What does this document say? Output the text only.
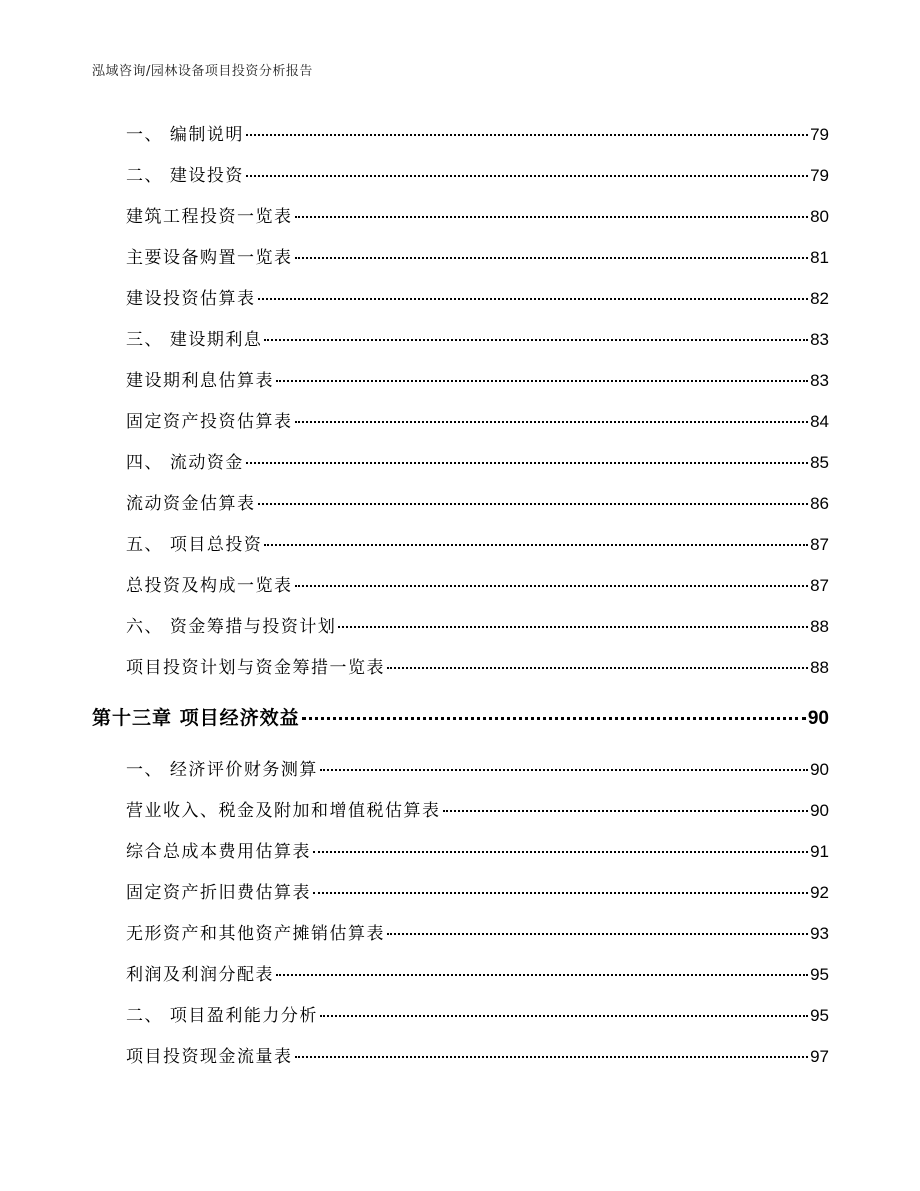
泓域咨询/园林设备项目投资分析报告
一、 编制说明	79
二、 建设投资	79
建筑工程投资一览表	80
主要设备购置一览表	81
建设投资估算表	82
三、 建设期利息	83
建设期利息估算表	83
固定资产投资估算表	84
四、 流动资金	85
流动资金估算表	86
五、 项目总投资	87
总投资及构成一览表	87
六、 资金筹措与投资计划	88
项目投资计划与资金筹措一览表	88
第十三章 项目经济效益	90
一、 经济评价财务测算	90
营业收入、税金及附加和增值税估算表	90
综合总成本费用估算表	91
固定资产折旧费估算表	92
无形资产和其他资产摊销估算表	93
利润及利润分配表	95
二、 项目盈利能力分析	95
项目投资现金流量表	97
